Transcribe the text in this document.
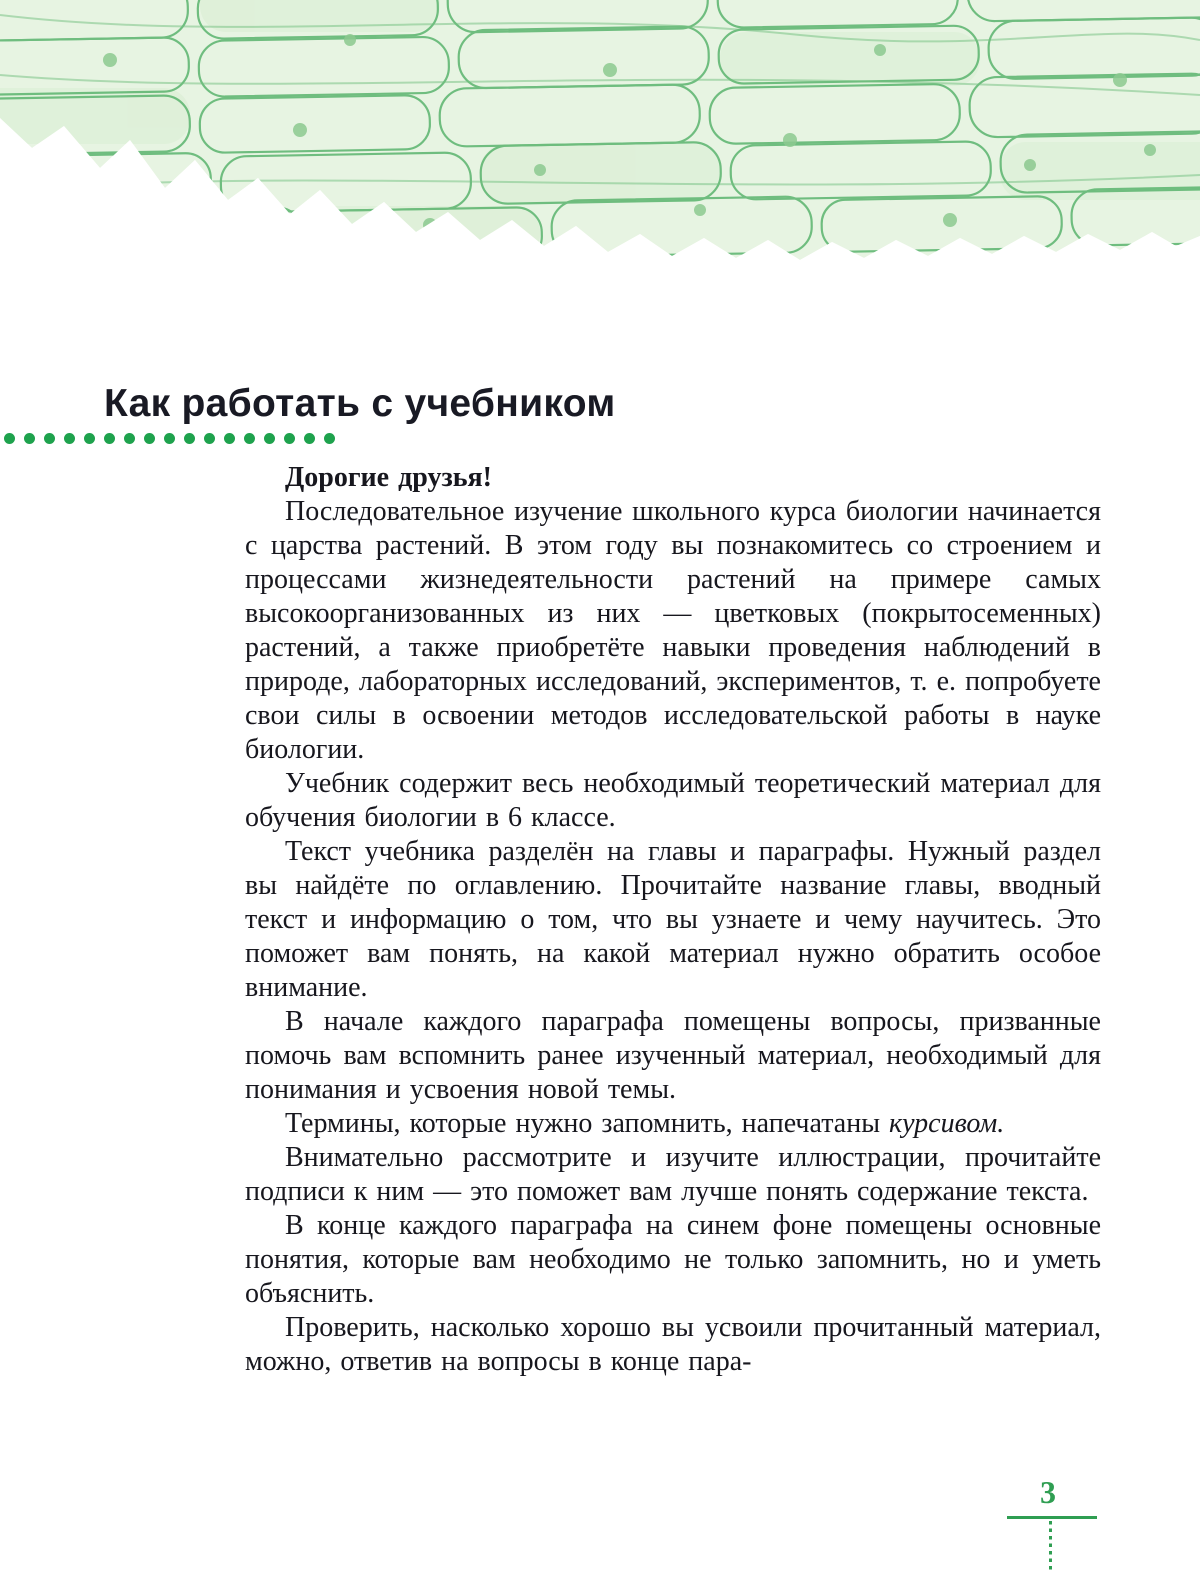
Как работать с учебником

Дорогие друзья!

Последовательное изучение школьного курса биологии начинается с царства растений. В этом году вы познакомитесь со строением и процессами жизнедеятельности растений на примере самых высокоорганизованных из них — цветковых (покрытосеменных) растений, а также приобретёте навыки проведения наблюдений в природе, лабораторных исследований, экспериментов, т. е. попробуете свои силы в освоении методов исследовательской работы в науке биологии.

Учебник содержит весь необходимый теоретический материал для обучения биологии в 6 классе.

Текст учебника разделён на главы и параграфы. Нужный раздел вы найдёте по оглавлению. Прочитайте название главы, вводный текст и информацию о том, что вы узнаете и чему научитесь. Это поможет вам понять, на какой материал нужно обратить особое внимание.

В начале каждого параграфа помещены вопросы, призванные помочь вам вспомнить ранее изученный материал, необходимый для понимания и усвоения новой темы.

Термины, которые нужно запомнить, напечатаны курсивом.

Внимательно рассмотрите и изучите иллюстрации, прочитайте подписи к ним — это поможет вам лучше понять содержание текста.

В конце каждого параграфа на синем фоне помещены основные понятия, которые вам необходимо не только запомнить, но и уметь объяснить.

Проверить, насколько хорошо вы усвоили прочитанный материал, можно, ответив на вопросы в конце пара-

3
